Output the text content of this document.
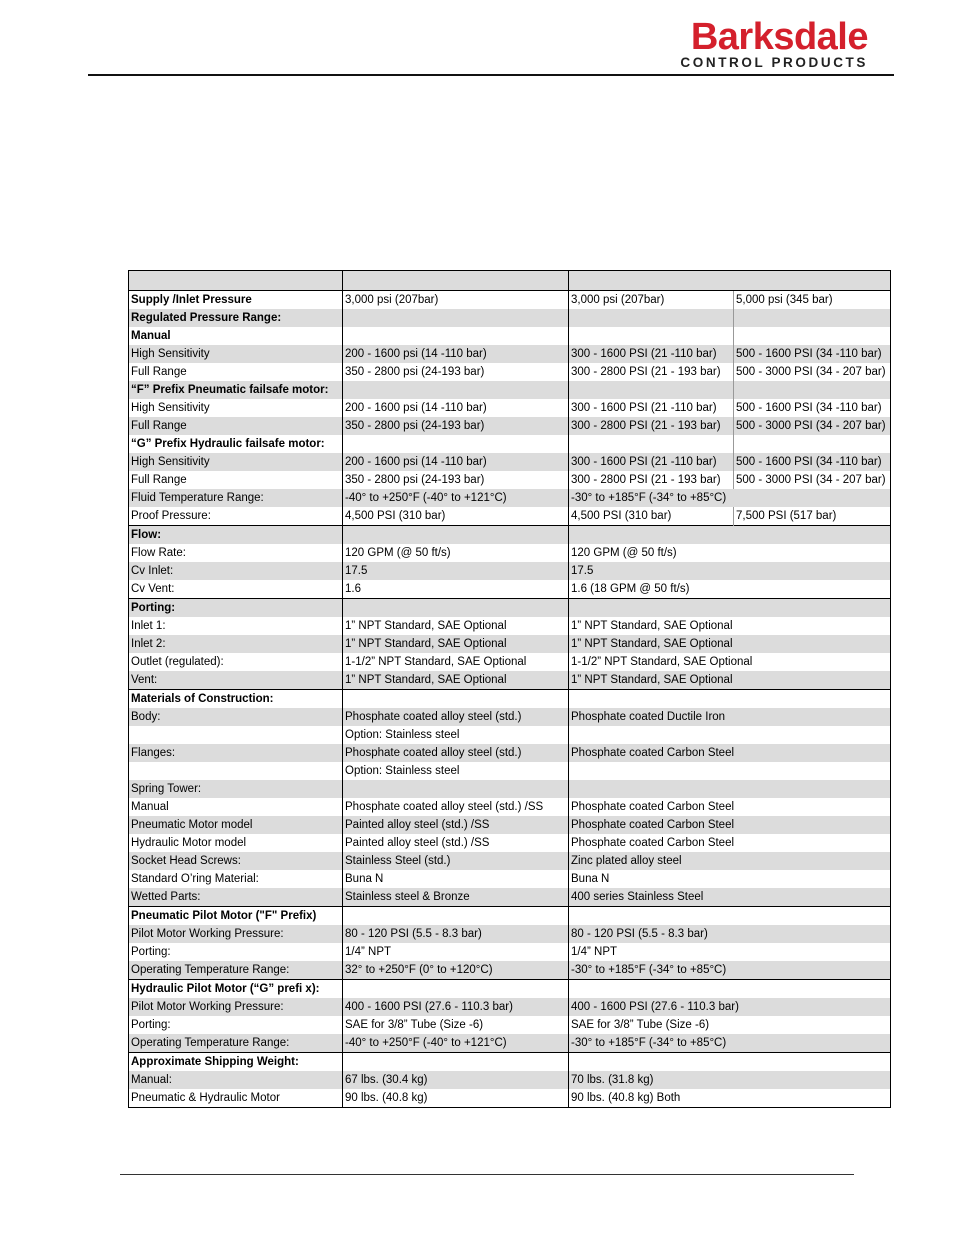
Barksdale
CONTROL PRODUCTS

Supply /Inlet Pressure	3,000 psi (207bar)	3,000 psi (207bar)	5,000 psi (345 bar)
Regulated Pressure Range:			
Manual			
High Sensitivity	200 - 1600 psi (14 -110 bar)	300 - 1600 PSI (21 -110 bar)	500 - 1600 PSI (34 -110 bar)
Full Range	350 - 2800 psi (24-193 bar)	300 - 2800 PSI (21 - 193 bar)	500 - 3000 PSI (34 - 207 bar)
“F” Prefix Pneumatic failsafe motor:			
High Sensitivity	200 - 1600 psi (14 -110 bar)	300 - 1600 PSI (21 -110 bar)	500 - 1600 PSI (34 -110 bar)
Full Range	350 - 2800 psi (24-193 bar)	300 - 2800 PSI (21 - 193 bar)	500 - 3000 PSI (34 - 207 bar)
“G” Prefix Hydraulic failsafe motor:			
High Sensitivity	200 - 1600 psi (14 -110 bar)	300 - 1600 PSI (21 -110 bar)	500 - 1600 PSI (34 -110 bar)
Full Range	350 - 2800 psi (24-193 bar)	300 - 2800 PSI (21 - 193 bar)	500 - 3000 PSI (34 - 207 bar)
Fluid Temperature Range:	-40° to +250°F (-40° to +121°C)	-30° to +185°F (-34° to +85°C)	
Proof Pressure:	4,500 PSI (310 bar)	4,500 PSI (310 bar)	7,500 PSI (517 bar)
Flow:			
Flow Rate:	120 GPM (@ 50 ft/s)	120 GPM (@ 50 ft/s)	
Cv Inlet:	17.5	17.5	
Cv Vent:	1.6	1.6 (18 GPM @ 50 ft/s)	
Porting:			
Inlet 1:	1” NPT Standard, SAE Optional	1” NPT Standard, SAE Optional	
Inlet 2:	1” NPT Standard, SAE Optional	1” NPT Standard, SAE Optional	
Outlet (regulated):	1-1/2” NPT Standard, SAE Optional	1-1/2” NPT Standard, SAE Optional	
Vent:	1” NPT Standard, SAE Optional	1” NPT Standard, SAE Optional	
Materials of Construction:			
Body:	Phosphate coated alloy steel (std.)	Phosphate coated Ductile Iron	
	Option: Stainless steel		
Flanges:	Phosphate coated alloy steel (std.)	Phosphate coated Carbon Steel	
	Option: Stainless steel		
Spring Tower:			
Manual	Phosphate coated alloy steel (std.) /SS	Phosphate coated Carbon Steel	
Pneumatic Motor model	Painted alloy steel (std.) /SS	Phosphate coated Carbon Steel	
Hydraulic Motor model	Painted alloy steel (std.) /SS	Phosphate coated Carbon Steel	
Socket Head Screws:	Stainless Steel (std.)	Zinc plated alloy steel	
Standard O’ring Material:	Buna N	Buna N	
Wetted Parts:	Stainless steel & Bronze	400 series Stainless Steel	
Pneumatic Pilot Motor ("F" Prefix)			
Pilot Motor Working Pressure:	80 - 120 PSI (5.5 - 8.3 bar)	80 - 120 PSI (5.5 - 8.3 bar)	
Porting:	1/4” NPT	1/4” NPT	
Operating Temperature Range:	32° to +250°F (0° to +120°C)	-30° to +185°F (-34° to +85°C)	
Hydraulic Pilot Motor (“G” prefi x):			
Pilot Motor Working Pressure:	400 - 1600 PSI (27.6 - 110.3 bar)	400 - 1600 PSI (27.6 - 110.3 bar)	
Porting:	SAE for 3/8” Tube (Size -6)	SAE for 3/8” Tube (Size -6)	
Operating Temperature Range:	-40° to +250°F (-40° to +121°C)	-30° to +185°F (-34° to +85°C)	
Approximate Shipping Weight:			
Manual:	67 lbs. (30.4 kg)	70 lbs. (31.8 kg)	
Pneumatic & Hydraulic Motor	90 lbs. (40.8 kg)	90 lbs. (40.8 kg) Both	
